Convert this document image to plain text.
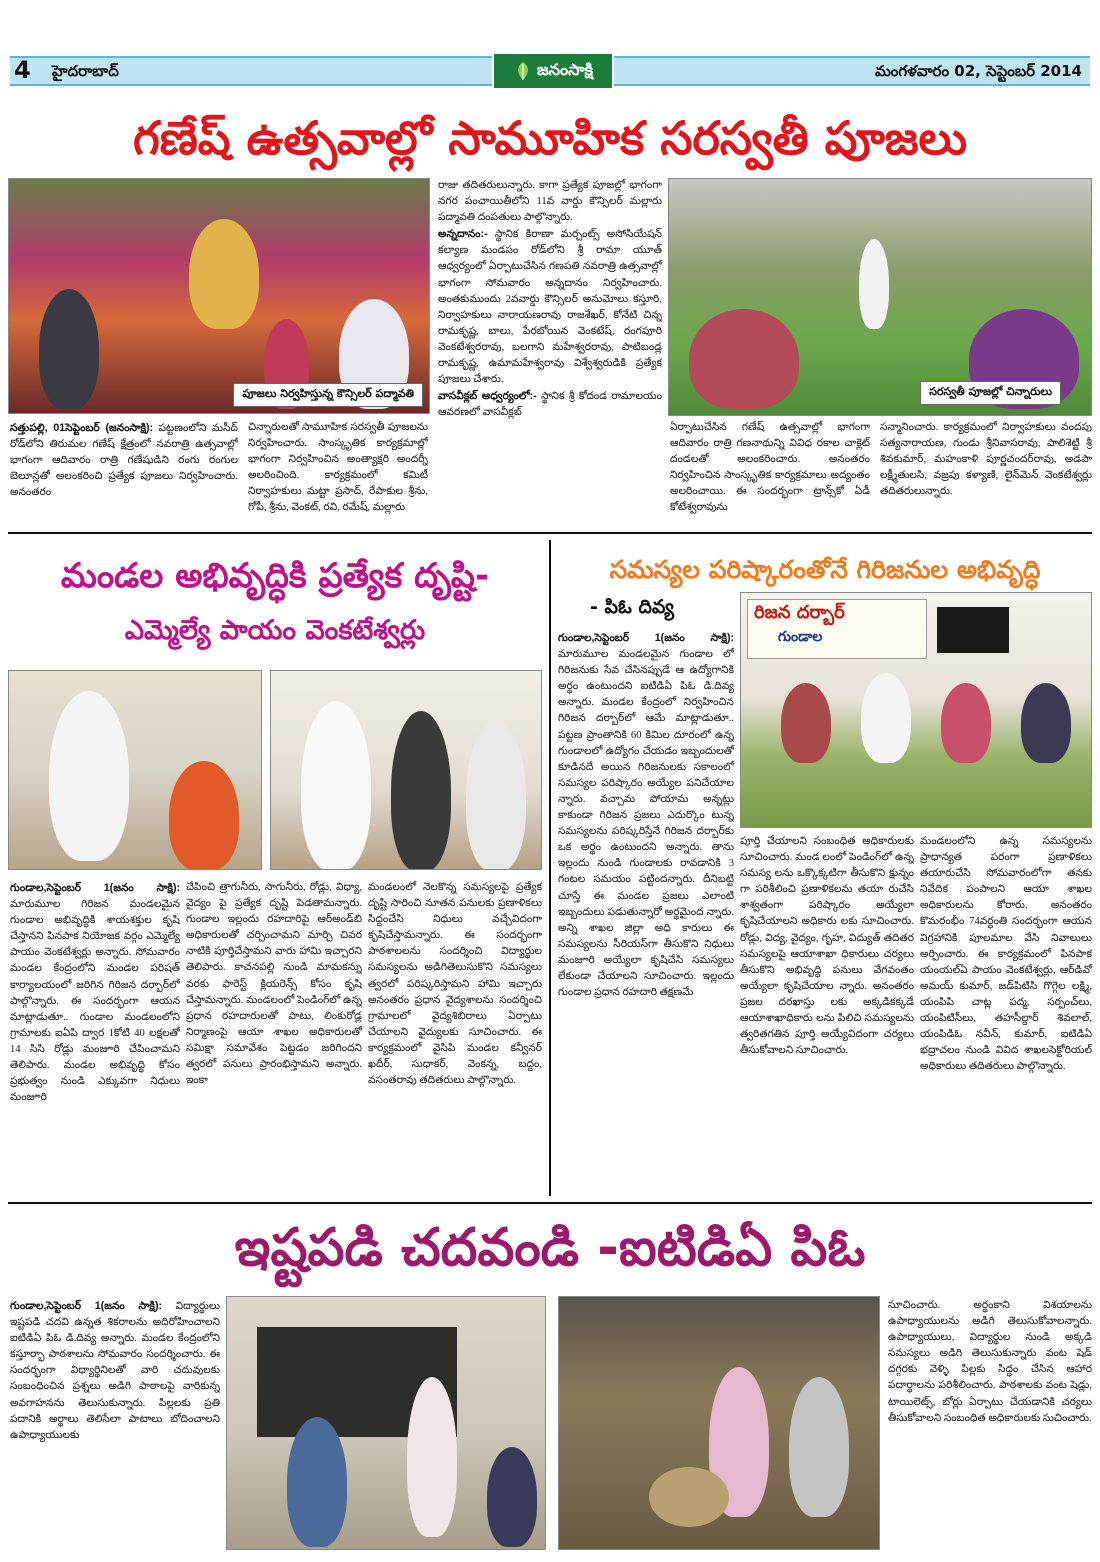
4 హైదరాబాద్	జనంసాక్షి	మంగళవారం 02, సెప్టెంబర్ 2014
గణేష్ ఉత్సవాల్లో సామూహిక సరస్వతీ పూజలు
పూజలు నిర్వహిస్తున్న కౌన్సిలర్ పద్మావతి	సరస్వతీ పూజల్లో చిన్నారులు
రాజు తదితరులున్నారు. కాగా ప్రత్యేక పూజల్లో భాగంగా నగర పంచాయితీలోని 11వ వార్డు కౌన్సిలర్ మల్లారు పద్మావతి దంపతులు పాల్గొన్నారు.
అన్నదానం:- స్థానిక కిరాణా మర్చంట్స్ అసోసియేషన్ కల్యాణ మండపం రోడ్‌లోని శ్రీ రామా యూత్ ఆధ్వర్యంలో ఏర్పాటుచేసిన గణపతి నవరాత్రి ఉత్సవాల్లో భాగంగా సోమవారం అన్నదానం నిర్వహించారు. అంతకుముందు 2వవార్డు కౌన్సిలర్ అనుమోలు కస్తూరి, నిర్వాహకులు నారాయణరావు రాజశేఖర్, కోనేటి చిన్న రామకృష్ణ, బాలు, పేరబోయిన వెంకటేష్, రంగపూరి వెంకటేశ్వరరావు, బలగాని మహేశ్వరరావు, పాటిబండ్ల రామకృష్ణ, ఉమామహేశ్వరావు విశ్వేశ్వరుడికి ప్రత్యేక పూజలు చేశారు.
వాసవీక్లబ్ ఆధ్వర్యంలో:- స్థానిక శ్రీ కోదండ రామాలయం ఆవరణలో వాసవీక్లబ్
సత్తుపల్లి, 01సెప్టెంబర్ (జనంసాక్షి): పట్టణంలోని మసీద్ రోడ్‌లోని తిరుమల గణేష్ క్షేత్రంలో నవరాత్రి ఉత్సవాల్లో భాగంగా ఆదివారం రాత్రి గణేషుడిని రంగు రంగుల బెలూన్లతో అలంకరించి ప్రత్యేక పూజలు నిర్వహించారు. అనంతరం
చిన్నారులతో సామూహిక సరస్వతీ పూజలను నిర్వహించారు. సాంస్కృతిక కార్యక్రమాల్లో భాగంగా నిర్వహించిన అంత్యాక్షరి అందర్నీ అలరించింది. కార్యక్రమంలో కమిటీ నిర్వాహకులు మట్టా ప్రసాద్, రేపాకుల శ్రీను, గోపీ, శ్రీను, వెంకట్, రవి, రమేష్, మల్లారు
ఏర్పాటుచేసిన గణేష్ ఉత్సవాల్లో భాగంగా ఆదివారం రాత్రి గణనాథున్ని వివిధ రకాల చాక్లెట్ దండలతో అలంకరించారు. అనంతరం నిర్వహించిన సాంస్కృతిక కార్యక్రమాలు అద్యంతం అలరించాయి. ఈ సందర్భంగా ట్రాన్స్‌కో ఏడీ కోటేశ్వరావును
సన్మానించారు. కార్యక్రమంలో నిర్వాహకులు వందపు సత్యనారాయణ, గుండు శ్రీనివాసరావు, పాలిశెట్టి శ్రీ శివకుమార్, మహంకాళి పూర్ణచందర్‌రావు, అడపా లక్ష్మీతులసి, వజ్రపు కళ్యాణి, లైన్‌మెన్ వెంకటేశ్వర్లు తదితరులున్నారు.
మండల అభివృద్ధికి ప్రత్యేక దృష్టి-
ఎమ్మెల్యే పాయం వెంకటేశ్వర్లు
గుండాల,సెప్టెంబర్ 1(జనం సాక్షి): మారుమూల గిరిజన మండలమైన గుండాల అభివృద్ధికి శాయశక్తుల కృషి చేస్తానని పినపాక నియోజక వర్గం ఎమ్మెల్యే పాయం వెంకటేశ్వర్లు అన్నారు. సోమవారం మండల కేంద్రంలోని మండల పరిషత్ కార్యాలయంలో జరిగిన గిరిజన దర్బార్‌లో పాల్గొన్నారు. ఈ సందర్భంగా ఆయన మాట్లాడుతూ.. గుండాల మండలంలోని గ్రామాలకు ఐఏపి ద్వార 1కోటి 40 లక్షలతో 14 సిసి రోడ్లు మంజూరి చేపించామని తెలిపారు. మండల అభివృద్ధి కోసం ప్రభుత్వం నుండి ఎక్కువగా నిధులు మంజూరి
చేపించి త్రాగునీరు, సాగునీరు, రోడ్లు, విధ్యా, వైద్యం పై ప్రత్యేక దృష్టి పెడతామన్నారు. గుండాల ఇల్లందు రహదారిపై ఆర్‌అండ్‌బి అధికారులతో చర్చించామని మార్చి చివర నాటికి పూర్తిచేస్తామని వారు హామి ఇచ్చారని తెలిపారు. కాచనపల్లి నుండి మామకన్ను వరకు ఫారెస్ట్ క్లియరెన్స్ కోసం కృషి చేస్తామన్నారు. మండలంలో పెండింగ్‌లో ఉన్న ప్రధాన రహదారులతో పాటు, లింకురోడ్ల నిర్మాణంపై ఆయా శాఖల అధికారులతో సమిక్షా సమావేశం పెట్టడం జరిగిందని త్వరలో పనులు ప్రారంభిస్తామని అన్నారు. ఇంకా
మండలంలో నెలకొన్న సమస్యలపై ప్రత్యేక దృష్టి సారించి నూతన పనులకు ప్రణాళికలు సిద్దంచేసి నిధులు వచ్చేవిదంగా కృషిచేస్తామన్నారు. ఈ సందర్భంగా పాఠశాలలను సందర్శించి విద్యార్థుల సమస్యలను అడిగితెలుసుకొని సమస్యలు త్వరలో పరిష్కరిస్తామని హామి ఇచ్చారు అనంతరం ప్రధాన వైద్యశాలను సందర్శించి గ్రామాలలో వైద్యశిబిరాలు ఏర్పాటు చేయాలని వైద్యులకు సూచించారు. ఈ కార్యక్రమంలో వైసిపి మండల కన్వీనర్ ఖదీర్, సుధాకర్, వెంకన్న, బద్దం, వసంతరావు తదితరులు పాల్గొన్నారు.
సమస్యల పరిష్కారంతోనే గిరిజనుల అభివృద్ధి
- పిఓ దివ్య	రిజన దర్బార్
గుండాల
గుండాల,సెప్టెంబర్ 1(జనం సాక్షి): మారుమూల మండలమైన గుండాల లో గిరిజనుకు సేవ చేసినప్పుడే ఆ ఉద్యోగానికి అర్థం ఉంటుందని ఐటిడిఏ పిఓ డి.దివ్య అన్నారు. మండల కేంద్రంలో నిర్వహించిన గిరిజన దర్బార్‌లో ఆమే మాట్లాడుతూ.. పట్టణ ప్రాంతానికి 60 కిమిల దూరంలో ఉన్న గుండాలలో ఉద్యోగం చేయడం ఇబ్బందులతో కూడినదే అయిన గిరిజనులకు సకాలంలో సమస్యల పరిష్కారం అయ్యేల పనిచేయాల న్నారు. వచ్చామ పోయామ అన్నట్లు కాకుండా గిరిజన ప్రజలు ఎదుర్కొం టున్న సమస్యలను పరిష్కరిస్తేనే గిరిజన దర్బార్‌కు ఒక అర్థం ఉంటుందని అన్నారు. తాను ఇల్లందు నుండి గుండాలకు రావడానికి 3 గంటల సమయం పట్టిందన్నారు. దీనిబట్టి చూస్తే ఈ మండల ప్రజలు ఎలాంటి ఇబ్బందులు పడుతున్నారో అర్థమైంద న్నారు. అన్ని శాఖల జిల్లా అధి కారులు ఈ సమస్యలను సీరియస్‌గా తీసుకొని నిధులు మంజూరి అయ్యేలా కృషిచేసి సమస్యలు లేకుండా చేయాలని సూచించారు. ఇల్లందు గుండాల ప్రధాన రహదారి తక్షణమే
పూర్తి చేయాలని సంబంధిత అధికారులకు సూచించారు. మండ లంలో పెండింగ్‌లో ఉన్న సమస్య లను ఒక్కొక్కటిగా తీసుకొని క్షున్నం గా పరిశీలించి ప్రణాళికలను తయా రుచేసి శాశ్వతంగా పరిష్కారం అయ్యేలా కృషిచేయాలని అధికారు లకు సూచించారు. రోడ్లు, విద్య, వైద్యం, గృహ, విద్యుత్ తదితర సమస్యలపై ఆయాశాఖా ధికారులు చర్యలు తీసుకొని అభివృద్ధి పనులు వేగవంతం అయ్యేలా కృషిచేయాల న్నారు. అనంతరం ప్రజల దరఖాస్తు లకు అక్కడికక్కడే ఆయాశాఖాధికారు లను పిలిచి సమస్యలను త్వరితగతిన పూర్తి అయ్యేవిదంగా చర్యలు తీసుకోవాలని సూచించారు.
మండలంలోని ఉన్న సమస్యలను ప్రాధాన్యత పరంగా ప్రణాళికలు తయారుచేసి సోమవారంలోగా తనకు నివేదిక పంపాలని ఆయా శాఖల అధికారులను కోరారు. అనంతరం కొమరంభీం 74వర్ధంతి సందర్భంగా ఆయన విగ్రహానికి పూలమాల వేసి నివాలులు అర్పించారు. ఈ కార్యక్రమంలో పినపాక యంయల్ఏ పాయం వెంకటేశ్వర్లు, ఆర్‌డివో అమయ్ కుమార్, జడ్‌పిటిసి గొగ్గెల లక్ష్మి, యంపిపి చాట్ల పద్మ, సర్పంచ్‌లు, యంపిటిసీలు, తహసీల్దార్ శివలాల్, యంపిడిఓ నవీన్, కుమార్, ఐటిడిఏ భద్రాచలం నుండి వివిద శాఖలసెక్టోరియల్ అధికారులు తదితరులు పాల్గొన్నారు.
ఇష్టపడి చదవండి -ఐటిడిఏ పిఓ
గుండాల,సెప్టెంబర్ 1(జనం సాక్షి): విద్యార్థులు ఇష్టపడి చదవి ఉన్నత శికరాలను అదిరోహించాలని ఐటిడిఏ పిఓ డి.దివ్య అన్నారు. మండల కేంద్రంలోని కస్తూర్భా పాఠశాలను సోమవారం సందర్శించారు. ఈ సందర్భంగా విధ్యార్థినిలతో వారి చదువులకు సంబంధించిన ప్రశ్నలు అడిగి పాఠాలపై వారికున్న అవగాహనను తెలుసుకున్నారు. పిల్లలకు ప్రతి పదానికి అర్థాలు తెలిసేలా పాటాలు బోదించాలని ఉపాధ్యాయులకు
సూచించారు. అర్థంకాని విశయాలను ఉపాధ్యాయులను అడిగి తెలుసుకోవాలన్నారు. ఉపాధ్యాయులు, విద్యార్థుల నుండి అక్కడి సమస్యలు అడిగి తెలుసుకున్నారు వంట షెడ్ దగ్గరకు వెళ్ళి పిల్లకు సిద్ధం చేసిన ఆహార పదార్థాలను పరిశీలించారు. పాఠశాలకు వంట షెడ్లు, టాయిలెట్స్, బోర్లు ఏర్పాటు చేయడానికి చర్యలు తీసుకోవాలని సంబంధిత అధికారులకు సుచించారు.
